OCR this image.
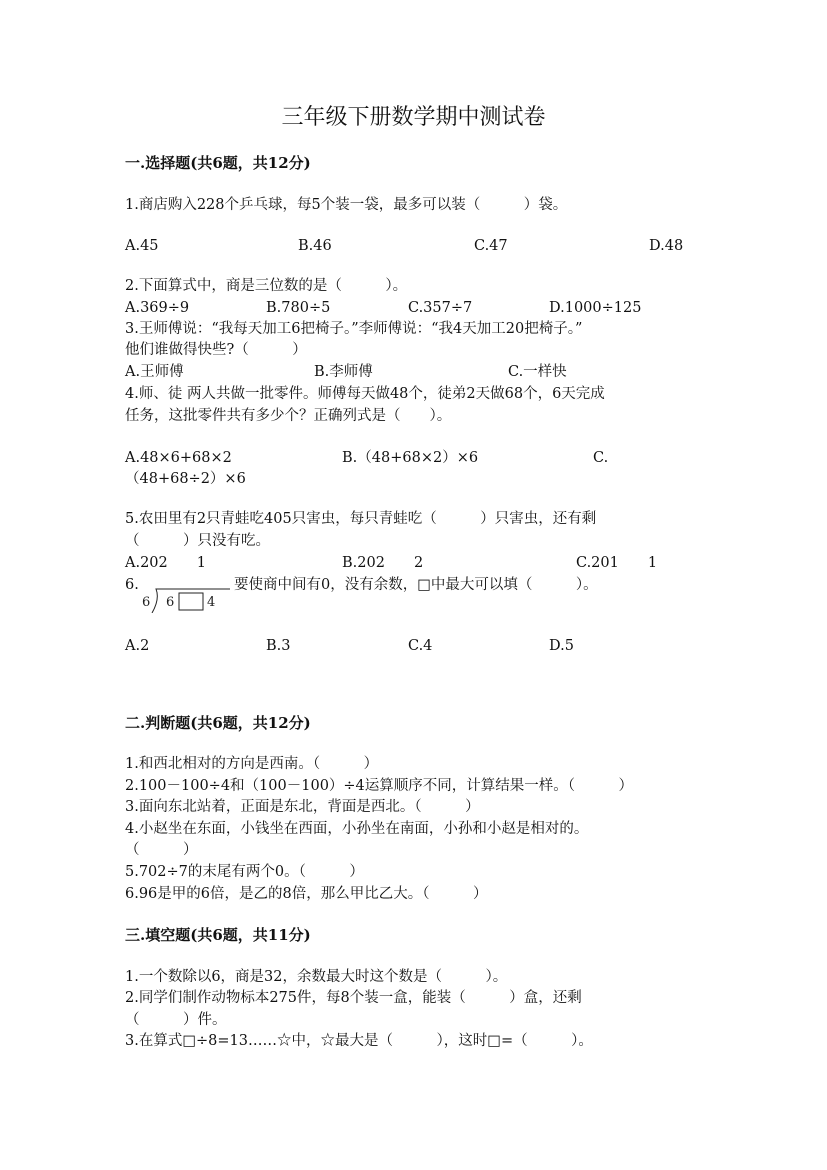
三年级下册数学期中测试卷
一.选择题(共6题，共12分)
1.商店购入228个乒乓球，每5个装一袋，最多可以装（　　　）袋。
A.45	B.46	C.47	D.48
2.下面算式中，商是三位数的是（　　　）。
A.369÷9	B.780÷5	C.357÷7	D.1000÷125
3.王师傅说：“我每天加工6把椅子。”李师傅说：“我4天加工20把椅子。”
他们谁做得快些?（　　　）
A.王师傅	B.李师傅	C.一样快
4.师、徒 两人共做一批零件。师傅每天做48个，徒弟2天做68个，6天完成
任务，这批零件共有多少个？正确列式是（　　）。
A.48×6+68×2	B.（48+68×2）×6	C.
（48+68÷2）×6
5.农田里有2只青蛙吃405只害虫，每只青蛙吃（　　　）只害虫，还有剩
（　　　）只没有吃。
A.202　　1	B.202　　2	C.201　　1
6.
6 6	4
要使商中间有0，没有余数，□中最大可以填（　　　）。
A.2	B.3	C.4	D.5
二.判断题(共6题，共12分)
1.和西北相对的方向是西南。（　　　）
2.100－100÷4和（100－100）÷4运算顺序不同，计算结果一样。（　　　）
3.面向东北站着，正面是东北，背面是西北。（　　　）
4.小赵坐在东面，小钱坐在西面，小孙坐在南面，小孙和小赵是相对的。
（　　　）
5.702÷7的末尾有两个0。（　　　）
6.96是甲的6倍，是乙的8倍，那么甲比乙大。（　　　）
三.填空题(共6题，共11分)
1.一个数除以6，商是32，余数最大时这个数是（　　　）。
2.同学们制作动物标本275件，每8个装一盒，能装（　　　）盒，还剩
（　　　）件。
3.在算式□÷8=13……☆中，☆最大是（　　　），这时□=（　　　）。
